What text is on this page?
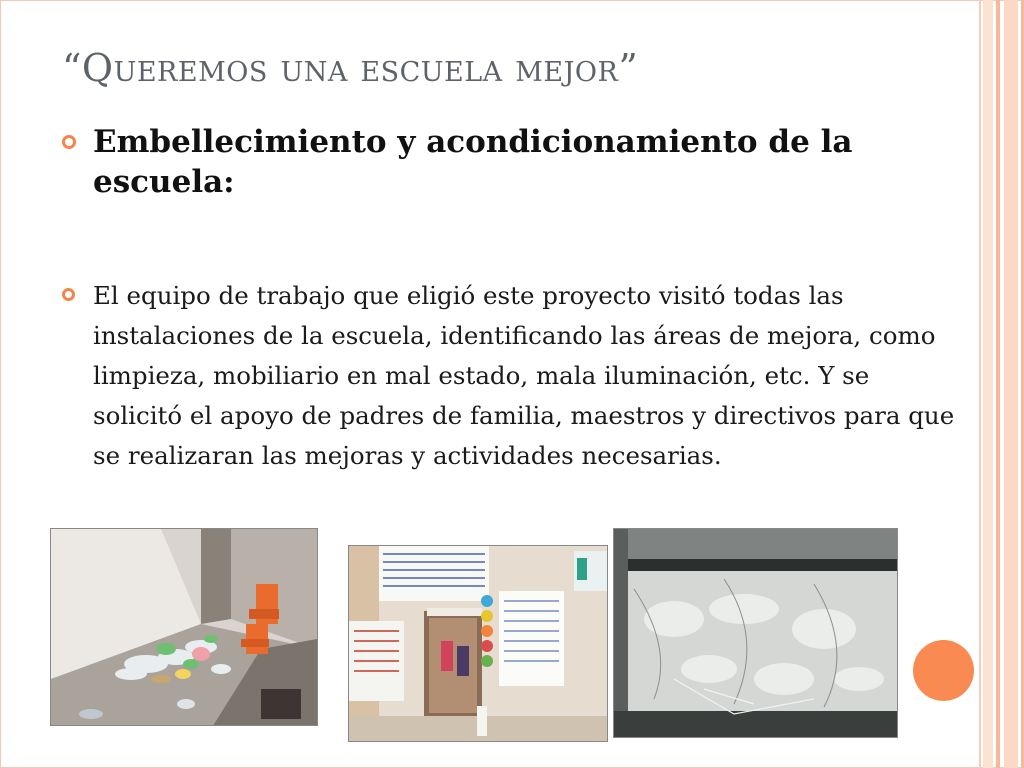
“Queremos una escuela mejor”
Embellecimiento y acondicionamiento de la escuela:
El equipo de trabajo que eligió este proyecto visitó todas las instalaciones de la escuela, identificando las áreas de mejora, como limpieza, mobiliario en mal estado, mala iluminación, etc. Y se solicitó el apoyo de padres de familia, maestros y directivos para que se realizaran las mejoras y actividades necesarias.
